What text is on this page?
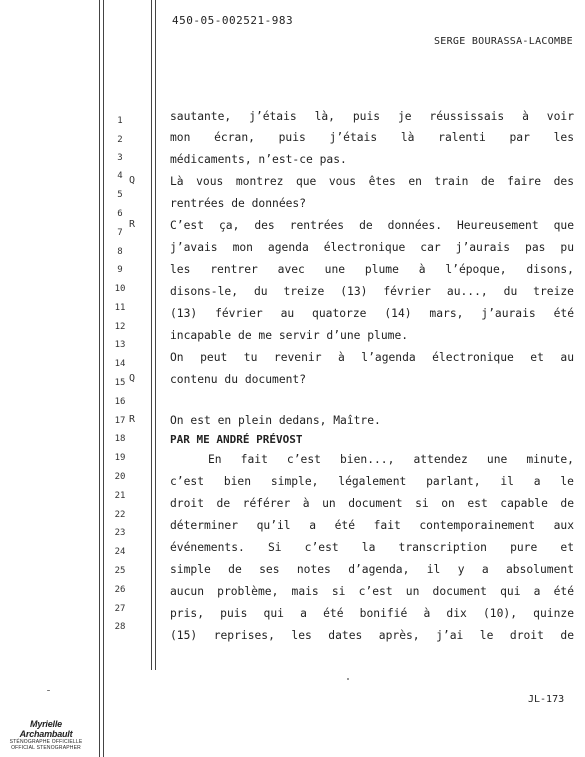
450-05-002521-983
SERGE BOURASSA-LACOMBE
1
2
3
4
5
6
7
8
9
10
11
12
13
14
15
16
17
18
19
20
21
22
23
24
25
26
27
28
Q
R
Q
R
sautante, j’étais là, puis je réussissais à voir
mon écran, puis j’étais là ralenti par les
médicaments, n’est-ce pas.
Là vous montrez que vous êtes en train de faire des
rentrées de données?
C’est ça, des rentrées de données. Heureusement que
j’avais mon agenda électronique car j’aurais pas pu
les rentrer avec une plume à l’époque, disons,
disons-le, du treize (13) février au..., du treize
(13) février au quatorze (14) mars, j’aurais été
incapable de me servir d’une plume.
On peut tu revenir à l’agenda électronique et au
contenu du document?
On est en plein dedans, Maître.
PAR ME ANDRÉ PRÉVOST
En fait c’est bien..., attendez une minute,
c’est bien simple, légalement parlant, il a le
droit de référer à un document si on est capable de
déterminer qu’il a été fait contemporainement aux
événements. Si c’est la transcription pure et
simple de ses notes d’agenda, il y a absolument
aucun problème, mais si c’est un document qui a été
pris, puis qui a été bonifié à dix (10), quinze
(15) reprises, les dates après, j’ai le droit de
JL-173
Myrielle Archambault
STÉNOGRAPHE OFFICIELLE
OFFICIAL STENOGRAPHER
